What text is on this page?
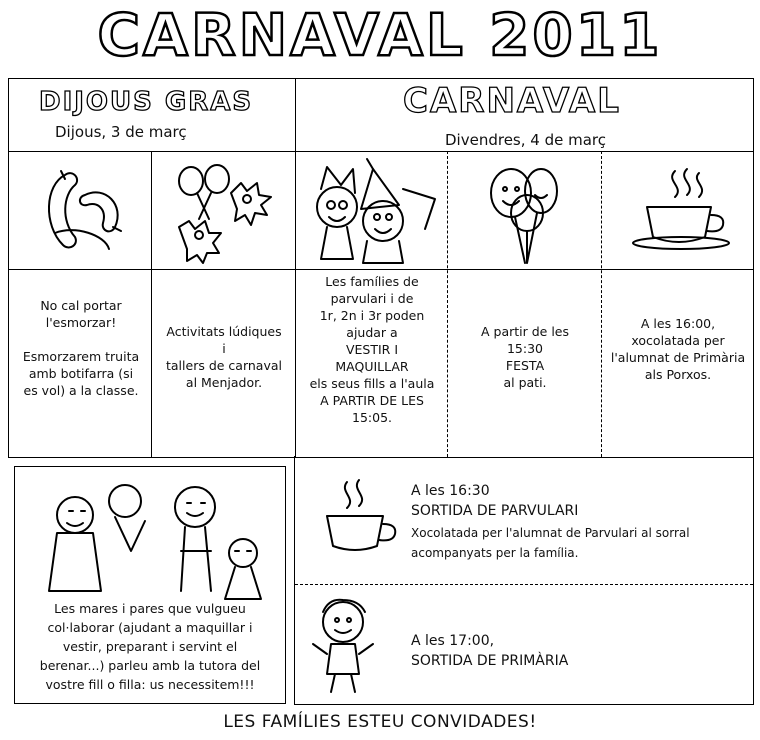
CARNAVAL 2011
DIJOUS GRAS
Dijous, 3 de març
CARNAVAL
Divendres, 4 de març
No cal portar
l'esmorzar!
Esmorzarem truita
amb botifarra (si
es vol) a la classe.
Activitats lúdiques
i
tallers de carnaval
al Menjador.
Les famílies de
parvulari i de
1r, 2n i 3r poden
ajudar a
VESTIR I
MAQUILLAR
els seus fills a l'aula
A PARTIR DE LES
15:05.
A partir de les
15:30
FESTA
al pati.
A les 16:00,
xocolatada per
l'alumnat de Primària
als Porxos.
Les mares i pares que vulgueu
col·laborar (ajudant a maquillar i
vestir, preparant i servint el
berenar...) parleu amb la tutora del
vostre fill o filla: us necessitem!!!
A les 16:30
SORTIDA DE PARVULARI
Xocolatada per l'alumnat de Parvulari al sorral
acompanyats per la família.
A les 17:00,
SORTIDA DE PRIMÀRIA
LES FAMÍLIES ESTEU CONVIDADES!
